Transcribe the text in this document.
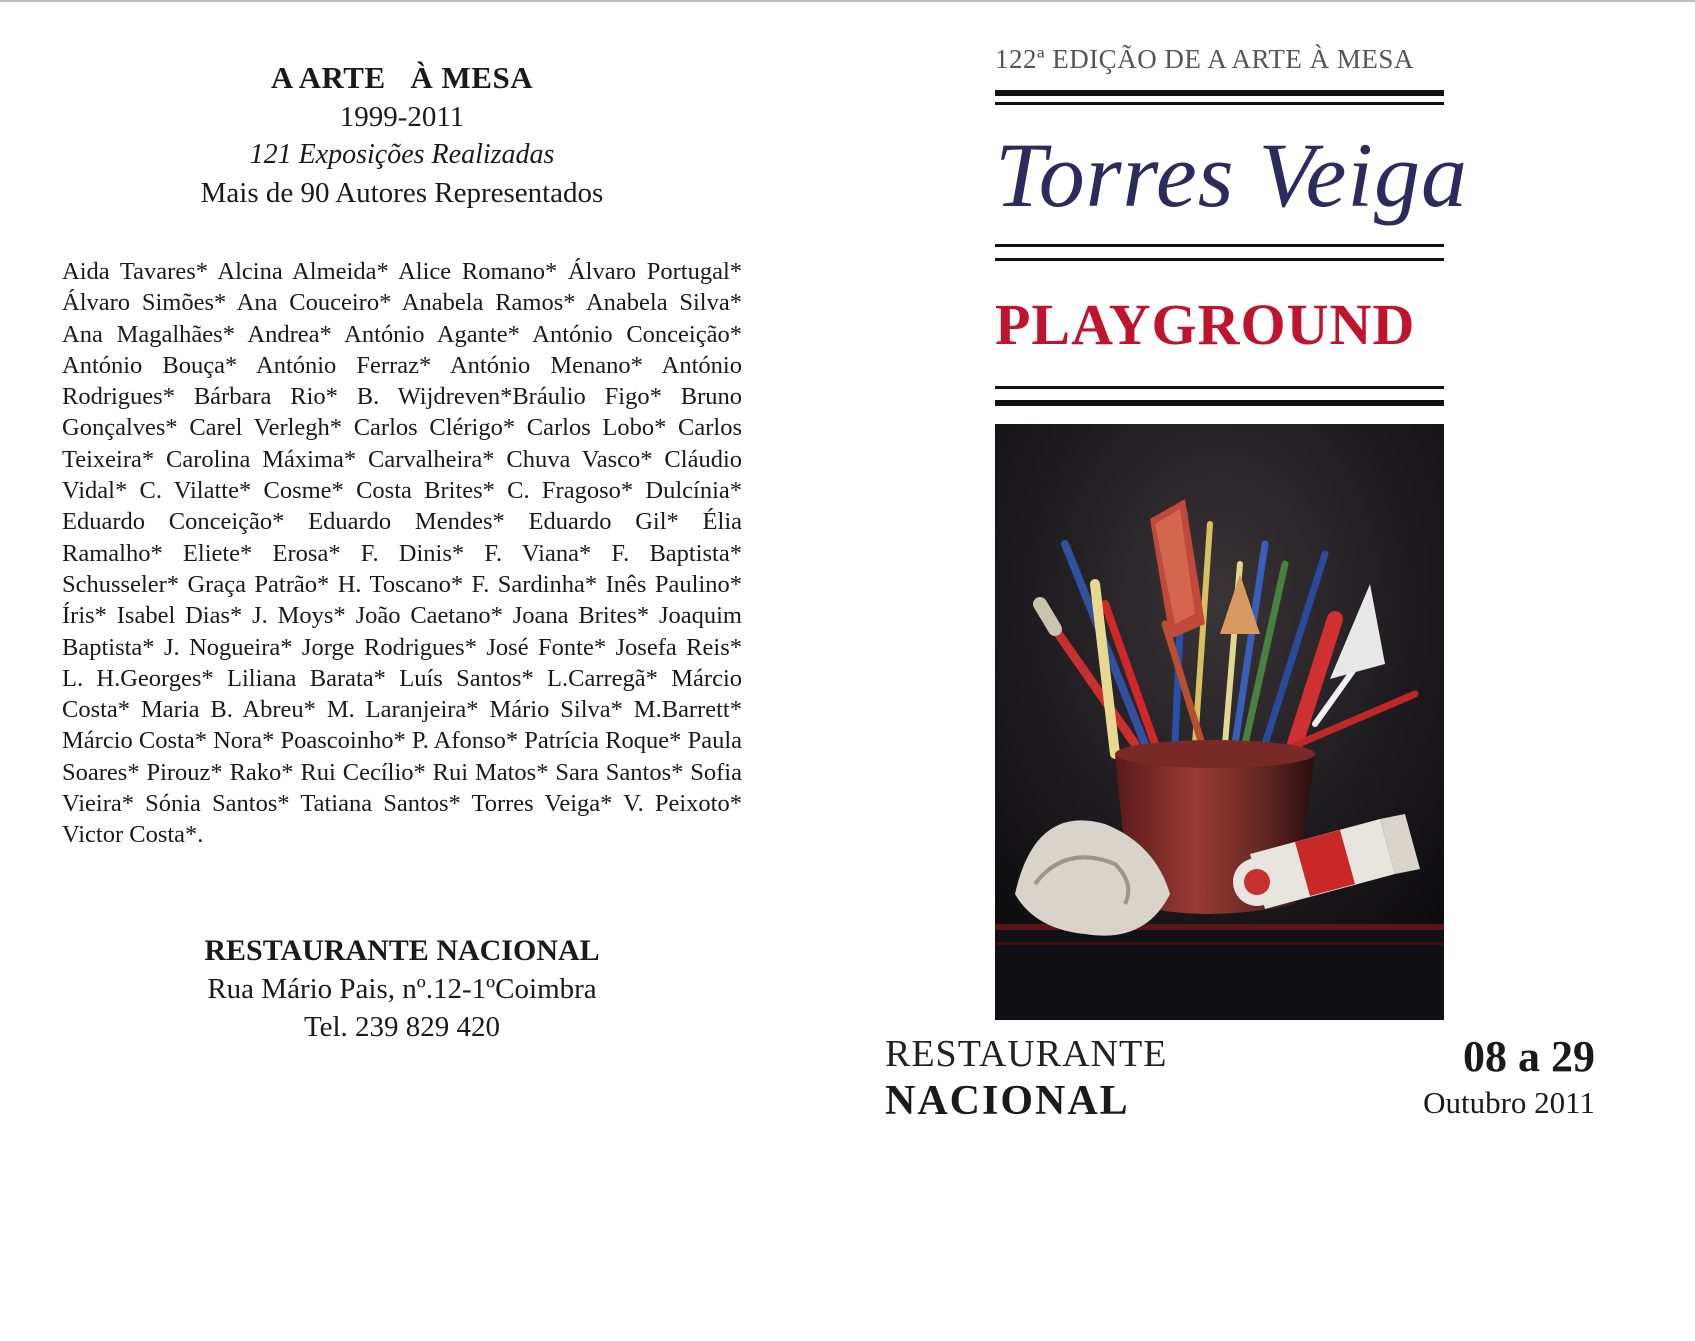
A ARTE   À MESA
1999-2011
121 Exposições Realizadas
Mais de 90 Autores Representados
Aida Tavares* Alcina Almeida* Alice Romano* Álvaro Portugal* Álvaro Simões* Ana Couceiro* Anabela Ramos* Anabela Silva* Ana Magalhães* Andrea* António Agante* António Conceição* António Bouça* António Ferraz* António Menano* António Rodrigues* Bárbara Rio* B. Wijdreven*Bráulio Figo* Bruno Gonçalves* Carel Verlegh* Carlos Clérigo* Carlos Lobo* Carlos Teixeira* Carolina Máxima* Carvalheira* Chuva Vasco* Cláudio Vidal* C. Vilatte* Cosme* Costa Brites* C. Fragoso* Dulcínia* Eduardo Conceição* Eduardo Mendes* Eduardo Gil* Élia Ramalho* Eliete* Erosa* F. Dinis* F. Viana* F. Baptista* Schusseler* Graça Patrão* H. Toscano* F. Sardinha* Inês Paulino* Íris* Isabel Dias* J. Moys* João Caetano* Joana Brites* Joaquim Baptista* J. Nogueira* Jorge Rodrigues* José Fonte* Josefa Reis* L. H.Georges* Liliana Barata* Luís Santos* L.Carregã* Márcio Costa* Maria B. Abreu* M. Laranjeira* Mário Silva* M.Barrett* Márcio Costa* Nora* Poascoinho* P. Afonso* Patrícia Roque* Paula Soares* Pirouz* Rako* Rui Cecílio* Rui Matos* Sara Santos* Sofia Vieira* Sónia Santos* Tatiana Santos* Torres Veiga* V. Peixoto* Victor Costa*.
RESTAURANTE NACIONAL
Rua Mário Pais, nº.12-1ºCoimbra
Tel. 239 829 420
122ª EDIÇÃO DE A ARTE À MESA
Torres Veiga
PLAYGROUND
RESTAURANTE
NACIONAL
08 a 29
Outubro 2011
